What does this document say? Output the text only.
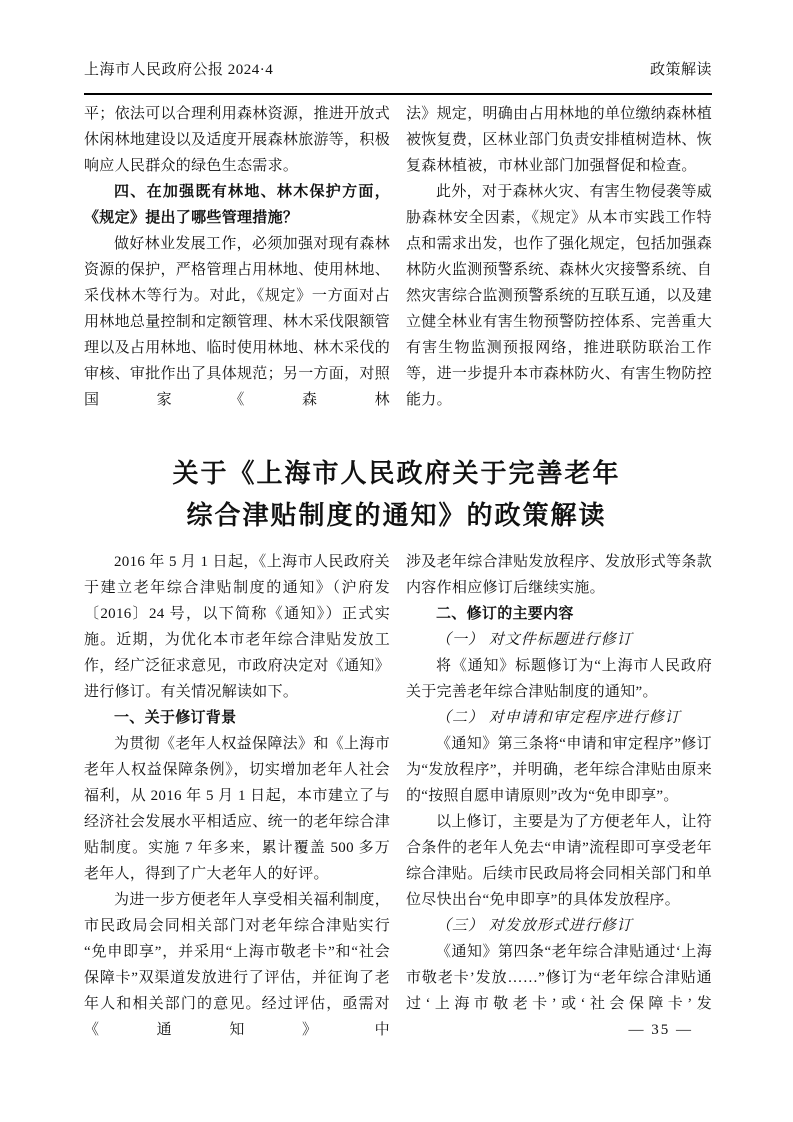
上海市人民政府公报 2024·4	政策解读

平；依法可以合理利用森林资源，推进开放式休闲林地建设以及适度开展森林旅游等，积极响应人民群众的绿色生态需求。

四、在加强既有林地、林木保护方面，《规定》提出了哪些管理措施？

做好林业发展工作，必须加强对现有森林资源的保护，严格管理占用林地、使用林地、采伐林木等行为。对此，《规定》一方面对占用林地总量控制和定额管理、林木采伐限额管理以及占用林地、临时使用林地、林木采伐的审核、审批作出了具体规范；另一方面，对照国家《森林

法》规定，明确由占用林地的单位缴纳森林植被恢复费，区林业部门负责安排植树造林、恢复森林植被，市林业部门加强督促和检查。

此外，对于森林火灾、有害生物侵袭等威胁森林安全因素，《规定》从本市实践工作特点和需求出发，也作了强化规定，包括加强森林防火监测预警系统、森林火灾接警系统、自然灾害综合监测预警系统的互联互通，以及建立健全林业有害生物预警防控体系、完善重大有害生物监测预报网络，推进联防联治工作等，进一步提升本市森林防火、有害生物防控能力。

关于《上海市人民政府关于完善老年
综合津贴制度的通知》的政策解读

2016 年 5 月 1 日起，《上海市人民政府关于建立老年综合津贴制度的通知》（沪府发〔2016〕24 号，以下简称《通知》）正式实施。近期，为优化本市老年综合津贴发放工作，经广泛征求意见，市政府决定对《通知》进行修订。有关情况解读如下。

一、关于修订背景

为贯彻《老年人权益保障法》和《上海市老年人权益保障条例》，切实增加老年人社会福利，从 2016 年 5 月 1 日起，本市建立了与经济社会发展水平相适应、统一的老年综合津贴制度。实施 7 年多来，累计覆盖 500 多万老年人，得到了广大老年人的好评。

为进一步方便老年人享受相关福利制度，市民政局会同相关部门对老年综合津贴实行“免申即享”，并采用“上海市敬老卡”和“社会保障卡”双渠道发放进行了评估，并征询了老年人和相关部门的意见。经过评估，亟需对《通知》中

涉及老年综合津贴发放程序、发放形式等条款内容作相应修订后继续实施。

二、修订的主要内容

（一） 对文件标题进行修订

将《通知》标题修订为“上海市人民政府关于完善老年综合津贴制度的通知”。

（二） 对申请和审定程序进行修订

《通知》第三条将“申请和审定程序”修订为“发放程序”，并明确，老年综合津贴由原来的“按照自愿申请原则”改为“免申即享”。

以上修订，主要是为了方便老年人，让符合条件的老年人免去“申请”流程即可享受老年综合津贴。后续市民政局将会同相关部门和单位尽快出台“免申即享”的具体发放程序。

（三） 对发放形式进行修订

《通知》第四条“老年综合津贴通过‘上海市敬老卡’发放……”修订为“老年综合津贴通过‘上海市敬老卡’或‘社会保障卡’发

— 35 —
